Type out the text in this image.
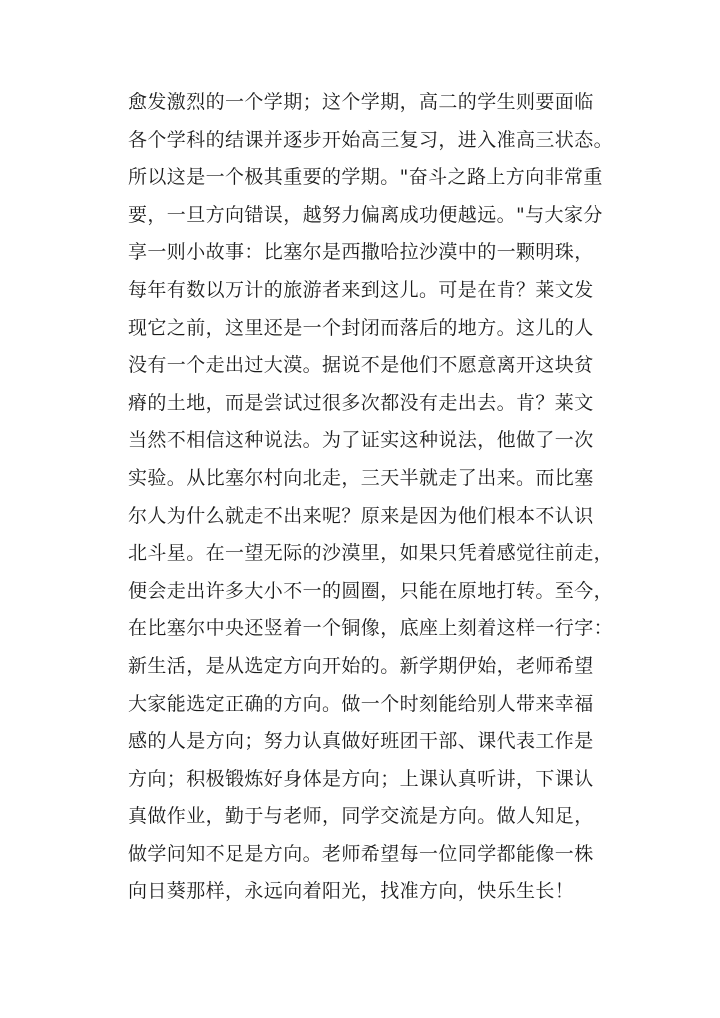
愈发激烈的一个学期；这个学期，高二的学生则要面临
各个学科的结课并逐步开始高三复习，进入准高三状态。
所以这是一个极其重要的学期。"奋斗之路上方向非常重
要，一旦方向错误，越努力偏离成功便越远。"与大家分
享一则小故事：比塞尔是西撒哈拉沙漠中的一颗明珠，
每年有数以万计的旅游者来到这儿。可是在肯？莱文发
现它之前，这里还是一个封闭而落后的地方。这儿的人
没有一个走出过大漠。据说不是他们不愿意离开这块贫
瘠的土地，而是尝试过很多次都没有走出去。肯？莱文
当然不相信这种说法。为了证实这种说法，他做了一次
实验。从比塞尔村向北走，三天半就走了出来。而比塞
尔人为什么就走不出来呢？原来是因为他们根本不认识
北斗星。在一望无际的沙漠里，如果只凭着感觉往前走，
便会走出许多大小不一的圆圈，只能在原地打转。至今，
在比塞尔中央还竖着一个铜像，底座上刻着这样一行字：
新生活，是从选定方向开始的。新学期伊始，老师希望
大家能选定正确的方向。做一个时刻能给别人带来幸福
感的人是方向；努力认真做好班团干部、课代表工作是
方向；积极锻炼好身体是方向；上课认真听讲，下课认
真做作业，勤于与老师，同学交流是方向。做人知足，
做学问知不足是方向。老师希望每一位同学都能像一株
向日葵那样，永远向着阳光，找准方向，快乐生长！
